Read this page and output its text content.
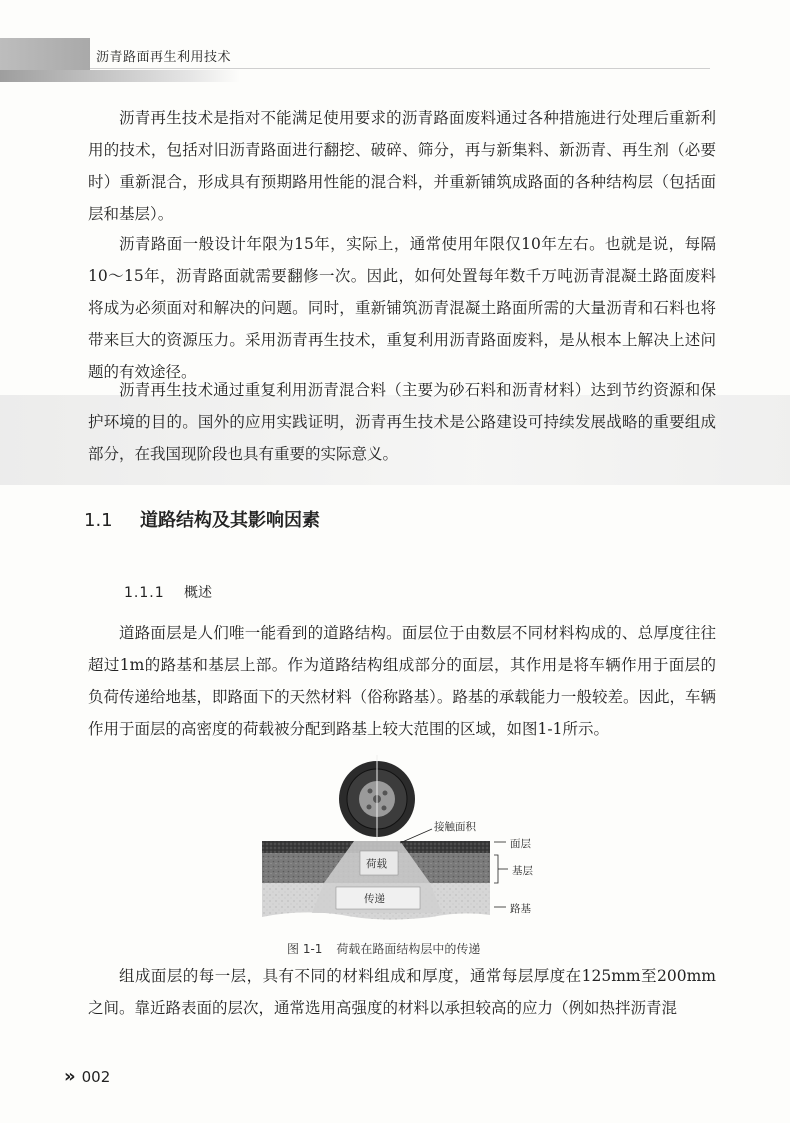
沥青路面再生利用技术

沥青再生技术是指对不能满足使用要求的沥青路面废料通过各种措施进行处理后重新利用的技术，包括对旧沥青路面进行翻挖、破碎、筛分，再与新集料、新沥青、再生剂（必要时）重新混合，形成具有预期路用性能的混合料，并重新铺筑成路面的各种结构层（包括面层和基层）。

沥青路面一般设计年限为15年，实际上，通常使用年限仅10年左右。也就是说，每隔10～15年，沥青路面就需要翻修一次。因此，如何处置每年数千万吨沥青混凝土路面废料将成为必须面对和解决的问题。同时，重新铺筑沥青混凝土路面所需的大量沥青和石料也将带来巨大的资源压力。采用沥青再生技术，重复利用沥青路面废料，是从根本上解决上述问题的有效途径。

沥青再生技术通过重复利用沥青混合料（主要为砂石料和沥青材料）达到节约资源和保护环境的目的。国外的应用实践证明，沥青再生技术是公路建设可持续发展战略的重要组成部分，在我国现阶段也具有重要的实际意义。

1.1 道路结构及其影响因素
1.1.1 概述

道路面层是人们唯一能看到的道路结构。面层位于由数层不同材料构成的、总厚度往往超过1m的路基和基层上部。作为道路结构组成部分的面层，其作用是将车辆作用于面层的负荷传递给地基，即路面下的天然材料（俗称路基）。路基的承载能力一般较差。因此，车辆作用于面层的高密度的荷载被分配到路基上较大范围的区域，如图1-1所示。

接触面积
面层
基层
路基
荷载
传递
图 1-1 荷载在路面结构层中的传递

组成面层的每一层，具有不同的材料组成和厚度，通常每层厚度在125mm至200mm之间。靠近路表面的层次，通常选用高强度的材料以承担较高的应力（例如热拌沥青混

» 002
